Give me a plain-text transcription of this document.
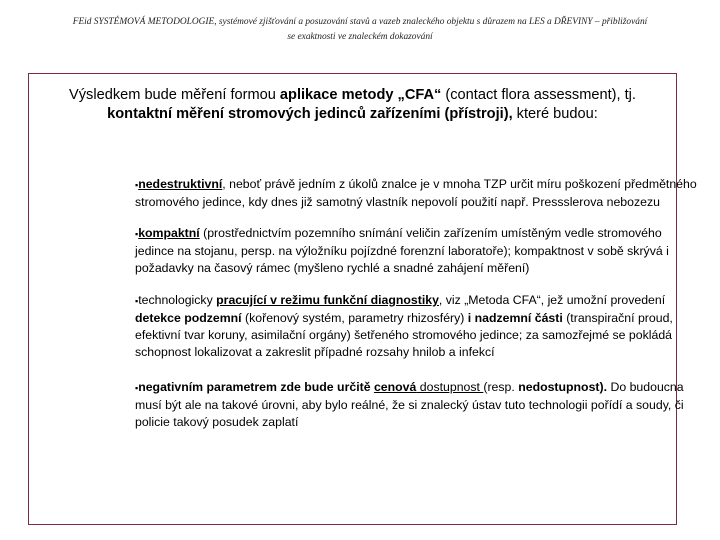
FEid SYSTÉMOVÁ METODOLOGIE, systémové zjišťování a posuzování stavů a vazeb znaleckého objektu s důrazem na LES a DŘEVINY – přibližování
se exaktnosti ve znaleckém dokazování
Výsledkem bude měření formou aplikace metody „CFA“ (contact flora assessment), tj. kontaktní měření stromových jedinců zařízeními (přístroji), které budou:
▪nedestruktivní, neboť právě jedním z úkolů znalce je v mnoha TZP určit míru poškození předmětného stromového jedince, kdy dnes již samotný vlastník nepovolí použití např. Pressslerova nebozezu
▪kompaktní (prostřednictvím pozemního snímání veličin zařízením umístěným vedle stromového jedince na stojanu, persp. na výložníku pojízdné forenzní laboratoře); kompaktnost v sobě skrývá i požadavky na časový rámec (myšleno rychlé a snadné zahájení měření)
▪technologicky pracující v režimu funkční diagnostiky, viz „Metoda CFA“, jež umožní provedení detekce podzemní (kořenový systém, parametry rhizosféry) i nadzemní části (transpirační proud, efektivní tvar koruny, asimilační orgány) šetřeného stromového jedince; za samozřejmé se pokládá schopnost lokalizovat a zakreslit případné rozsahy hnilob a infekcí
▪negativním parametrem zde bude určitě cenová dostupnost (resp. nedostupnost). Do budoucna musí být ale na takové úrovni, aby bylo reálné, že si znalecký ústav tuto technologii pořídí a soudy, či policie takový posudek zaplatí
